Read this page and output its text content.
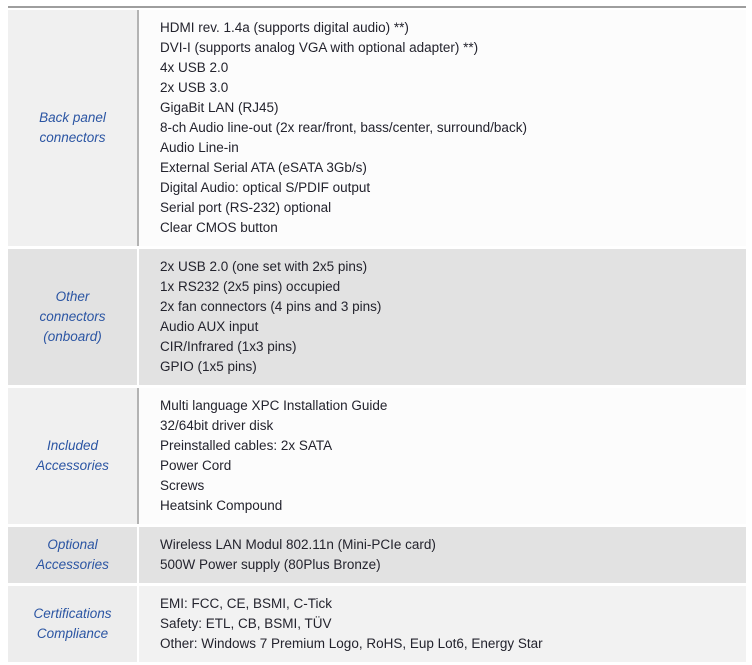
Back panel
connectors
HDMI rev. 1.4a (supports digital audio) **)
DVI-I (supports analog VGA with optional adapter) **)
4x USB 2.0
2x USB 3.0
GigaBit LAN (RJ45)
8-ch Audio line-out (2x rear/front, bass/center, surround/back)
Audio Line-in
External Serial ATA (eSATA 3Gb/s)
Digital Audio: optical S/PDIF output
Serial port (RS-232) optional
Clear CMOS button
Other
connectors
(onboard)
2x USB 2.0 (one set with 2x5 pins)
1x RS232 (2x5 pins) occupied
2x fan connectors (4 pins and 3 pins)
Audio AUX input
CIR/Infrared (1x3 pins)
GPIO (1x5 pins)
Included
Accessories
Multi language XPC Installation Guide
32/64bit driver disk
Preinstalled cables: 2x SATA
Power Cord
Screws
Heatsink Compound
Optional
Accessories
Wireless LAN Modul 802.11n (Mini-PCIe card)
500W Power supply (80Plus Bronze)
Certifications
Compliance
EMI: FCC, CE, BSMI, C-Tick
Safety: ETL, CB, BSMI, TÜV
Other: Windows 7 Premium Logo, RoHS, Eup Lot6, Energy Star
